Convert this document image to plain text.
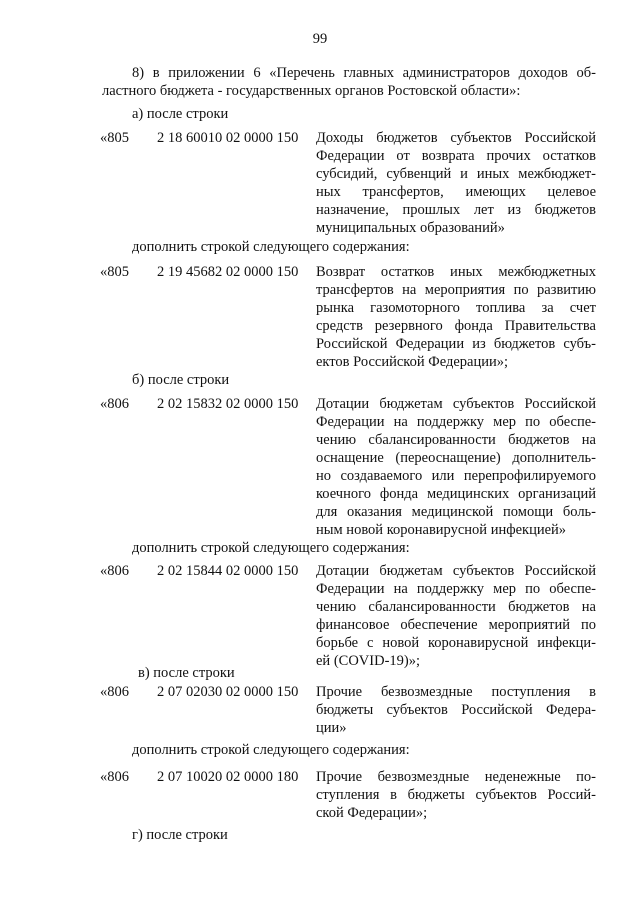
99
8) в приложении 6 «Перечень главных администраторов доходов об-
ластного бюджета - государственных органов Ростовской области»:
а) после строки
«805 2 18 60010 02 0000 150 Доходы бюджетов субъектов Российской
Федерации от возврата прочих остатков
субсидий, субвенций и иных межбюджет-
ных трансфертов, имеющих целевое
назначение, прошлых лет из бюджетов
муниципальных образований»
дополнить строкой следующего содержания:
«805 2 19 45682 02 0000 150 Возврат остатков иных межбюджетных
трансфертов на мероприятия по развитию
рынка газомоторного топлива за счет
средств резервного фонда Правительства
Российской Федерации из бюджетов субъ-
ектов Российской Федерации»;
б) после строки
«806 2 02 15832 02 0000 150 Дотации бюджетам субъектов Российской
Федерации на поддержку мер по обеспе-
чению сбалансированности бюджетов на
оснащение (переоснащение) дополнитель-
но создаваемого или перепрофилируемого
коечного фонда медицинских организаций
для оказания медицинской помощи боль-
ным новой коронавирусной инфекцией»
дополнить строкой следующего содержания:
«806 2 02 15844 02 0000 150 Дотации бюджетам субъектов Российской
Федерации на поддержку мер по обеспе-
чению сбалансированности бюджетов на
финансовое обеспечение мероприятий по
борьбе с новой коронавирусной инфекци-
ей (COVID-19)»;
в) после строки
«806 2 07 02030 02 0000 150 Прочие безвозмездные поступления в
бюджеты субъектов Российской Федера-
ции»
дополнить строкой следующего содержания:
«806 2 07 10020 02 0000 180 Прочие безвозмездные неденежные по-
ступления в бюджеты субъектов Россий-
ской Федерации»;
г) после строки
